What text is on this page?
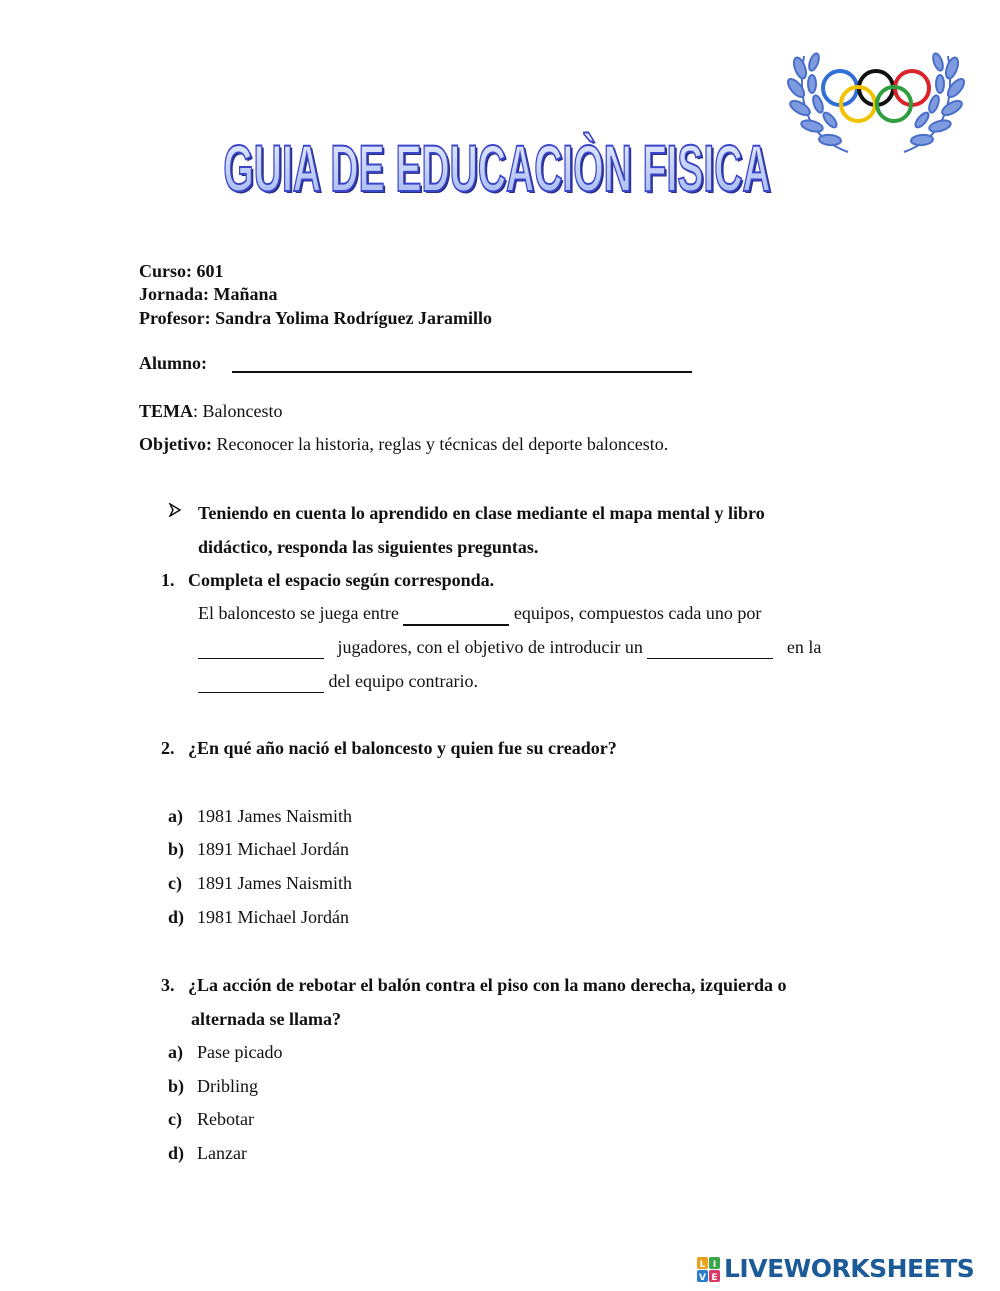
GUIA DE EDUCACIÒN FISICA
GUIA DE EDUCACIÒN FISICA
Curso: 601
Jornada: Mañana
Profesor: Sandra Yolima Rodríguez Jaramillo
Alumno:
TEMA: Baloncesto
Objetivo: Reconocer la historia, reglas y técnicas del deporte baloncesto.
Teniendo en cuenta lo aprendido en clase mediante el mapa mental y libro
didáctico, responda las siguientes preguntas.
1. Completa el espacio según corresponda.
El baloncesto se juega entre	equipos, compuestos cada uno por
jugadores, con el objetivo de introducir un	en la
del equipo contrario.
2. ¿En qué año nació el baloncesto y quien fue su creador?
a) 1981 James Naismith
b) 1891 Michael Jordán
c) 1891 James Naismith
d) 1981 Michael Jordán
3. ¿La acción de rebotar el balón contra el piso con la mano derecha, izquierda o
alternada se llama?
a) Pase picado
b) Dribling
c) Rebotar
d) Lanzar
L I
V E LIVEWORKSHEETS
